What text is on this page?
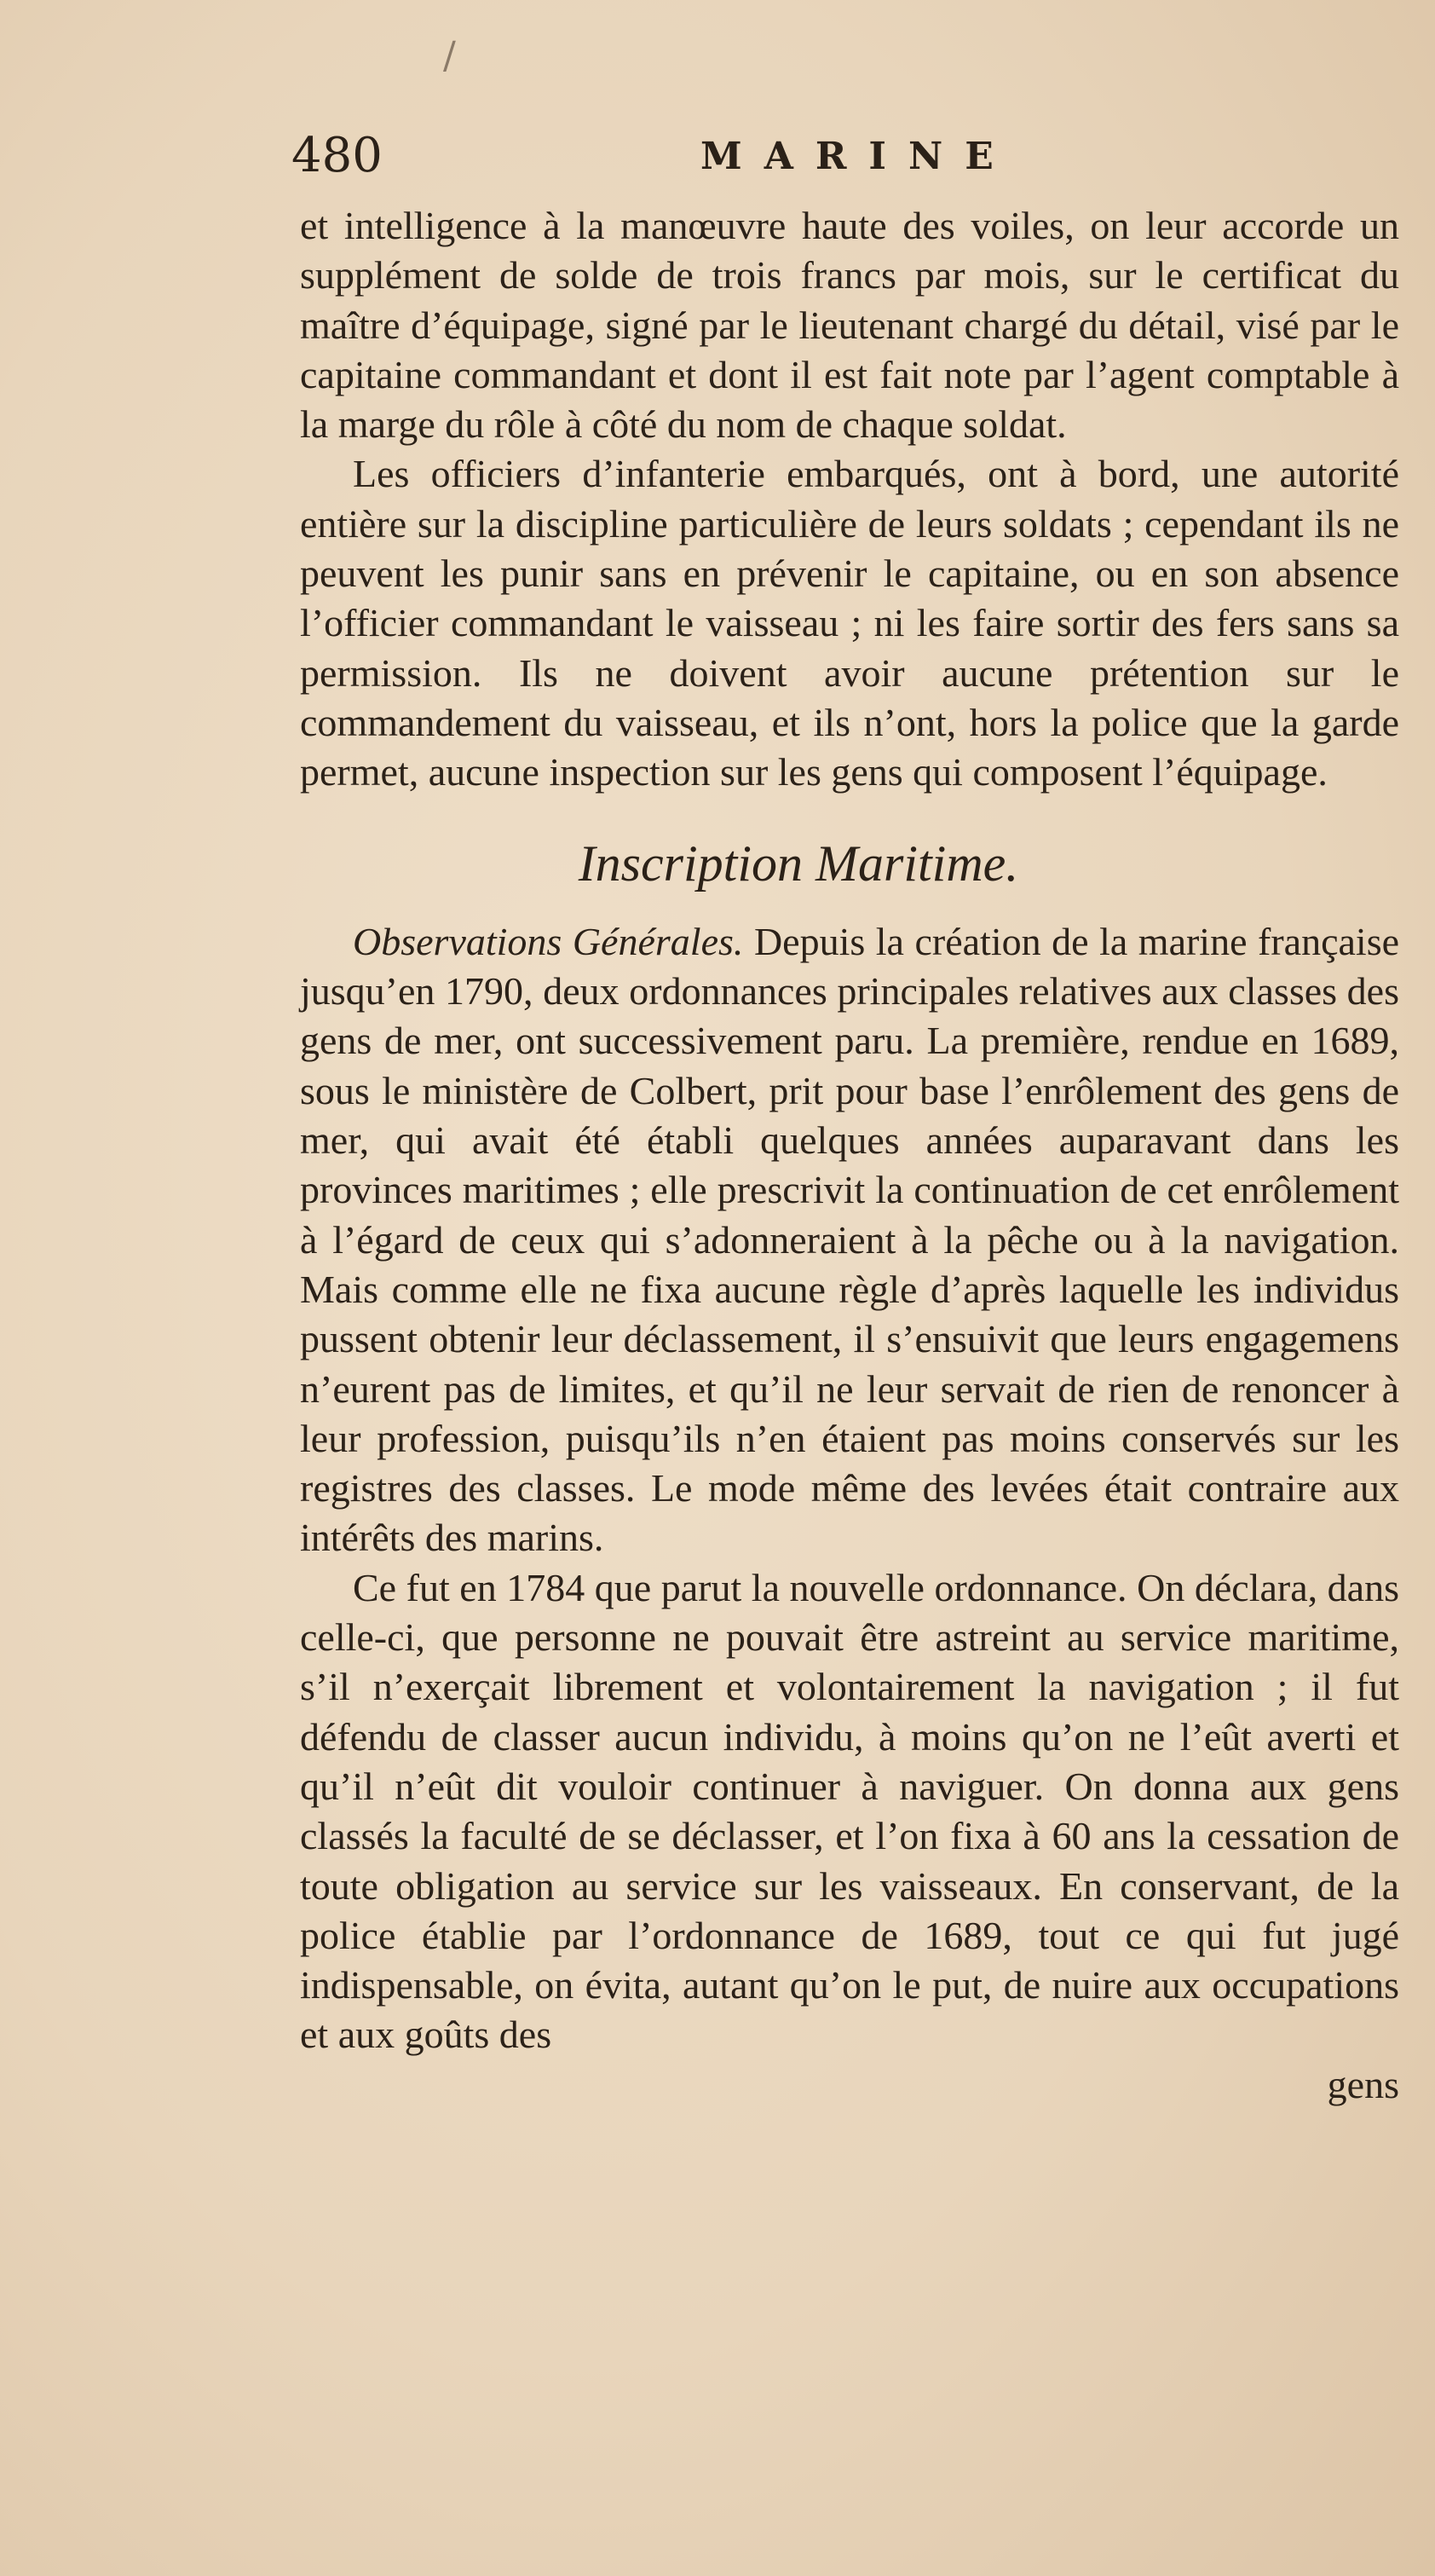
/
480	MARINE

et intelligence à la manœuvre haute des voiles, on leur accorde un supplément de solde de trois francs par mois, sur le certificat du maître d’équipage, signé par le lieutenant chargé du détail, visé par le capitaine commandant et dont il est fait note par l’agent comptable à la marge du rôle à côté du nom de chaque soldat.

Les officiers d’infanterie embarqués, ont à bord, une autorité entière sur la discipline particulière de leurs soldats ; cependant ils ne peuvent les punir sans en prévenir le capitaine, ou en son absence l’officier commandant le vaisseau ; ni les faire sortir des fers sans sa permission. Ils ne doivent avoir aucune prétention sur le commandement du vaisseau, et ils n’ont, hors la police que la garde permet, aucune inspection sur les gens qui composent l’équipage.

Inscription Maritime.

Observations Générales. Depuis la création de la marine française jusqu’en 1790, deux ordonnances principales relatives aux classes des gens de mer, ont successivement paru. La première, rendue en 1689, sous le ministère de Colbert, prit pour base l’enrôlement des gens de mer, qui avait été établi quelques années auparavant dans les provinces maritimes ; elle prescrivit la continuation de cet enrôlement à l’égard de ceux qui s’adonneraient à la pêche ou à la navigation. Mais comme elle ne fixa aucune règle d’après laquelle les individus pussent obtenir leur déclassement, il s’ensuivit que leurs engagemens n’eurent pas de limites, et qu’il ne leur servait de rien de renoncer à leur profession, puisqu’ils n’en étaient pas moins conservés sur les registres des classes. Le mode même des levées était contraire aux intérêts des marins.

Ce fut en 1784 que parut la nouvelle ordonnance. On déclara, dans celle-ci, que personne ne pouvait être astreint au service maritime, s’il n’exerçait librement et volontairement la navigation ; il fut défendu de classer aucun individu, à moins qu’on ne l’eût averti et qu’il n’eût dit vouloir continuer à naviguer. On donna aux gens classés la faculté de se déclasser, et l’on fixa à 60 ans la cessation de toute obligation au service sur les vaisseaux. En conservant, de la police établie par l’ordonnance de 1689, tout ce qui fut jugé indispensable, on évita, autant qu’on le put, de nuire aux occupations et aux goûts des

gens
